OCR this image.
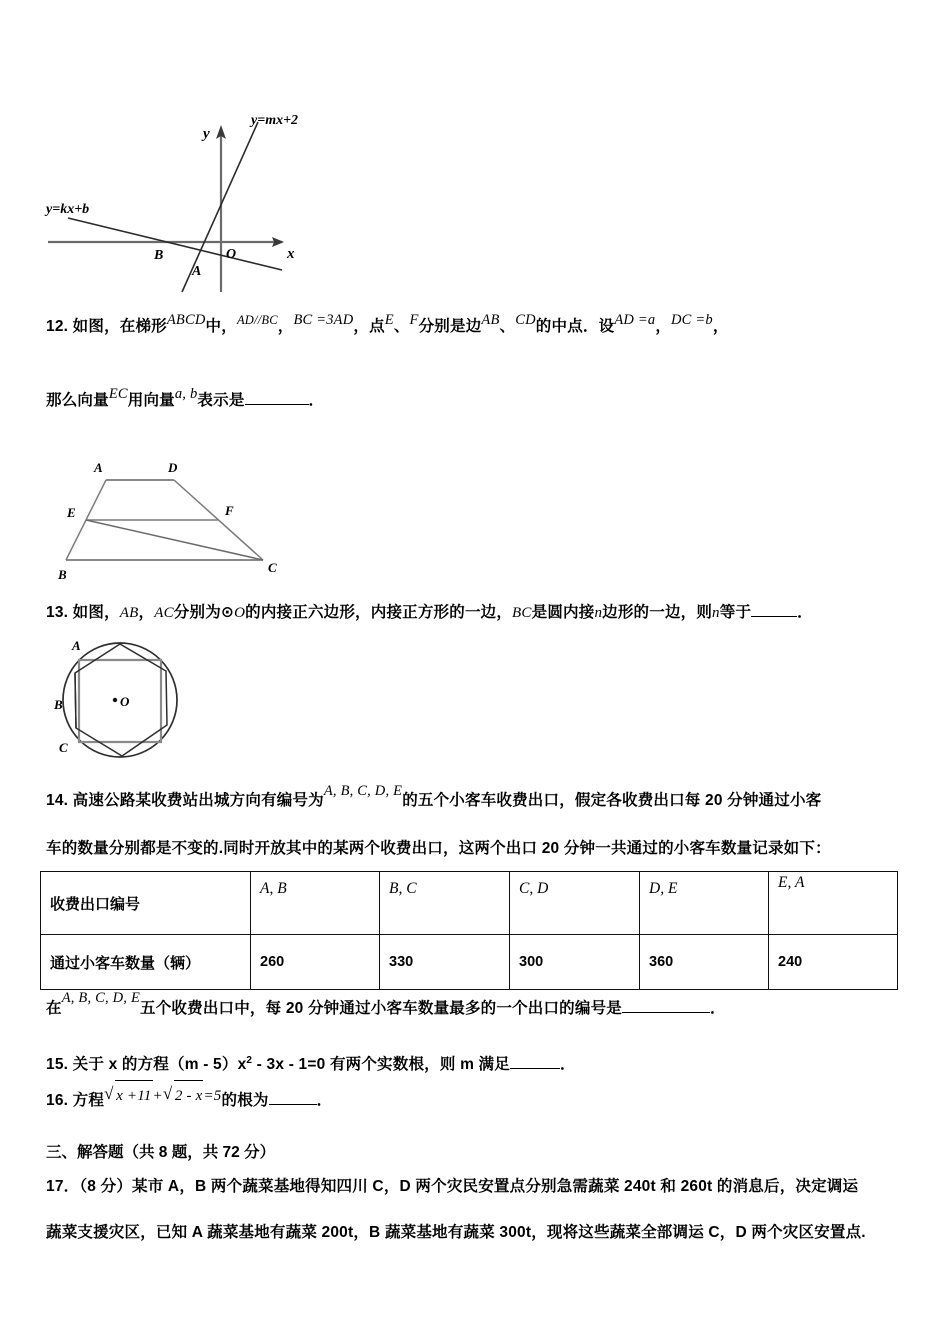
y
x
O
y=mx+2
y=kx+b
B
A
12. 如图，在梯形ABCD中，$^{AD//BC}$，BC =3AD，点E、F分别是边AB、CD的中点．设AD =a，DC =b，
那么向量EC用向量a, b表示是	．
A	D
E	F
B	C
13. 如图，AB，AC分别为⊙O的内接正六边形，内接正方形的一边，BC是圆内接n边形的一边，则n等于	．
A
B
C
O
14. 高速公路某收费站出城方向有编号为A, B, C, D, E的五个小客车收费出口，假定各收费出口每 20 分钟通过小客
车的数量分别都是不变的.同时开放其中的某两个收费出口，这两个出口 20 分钟一共通过的小客车数量记录如下：
收费出口编号	A, B	B, C	C, D	D, E	E, A
通过小客车数量（辆）	260	330	300	360	240
在A, B, C, D, E五个收费出口中，每 20 分钟通过小客车数量最多的一个出口的编号是	．
15. 关于 x 的方程$(m - 5)x^2 - 3x - 1=0$ 有两个实数根，则 m 满足	．
16. 方程 √ x +11+ √ 2 - x=5的根为	．
三、解答题（共 8 题，共 72 分）
17．（8 分）某市 A，B 两个蔬菜基地得知四川 C，D 两个灾民安置点分别急需蔬菜 240t 和 260t 的消息后，决定调运
蔬菜支援灾区，已知 A 蔬菜基地有蔬菜 200t，B 蔬菜基地有蔬菜 300t，现将这些蔬菜全部调运 C，D 两个灾区安置点.
